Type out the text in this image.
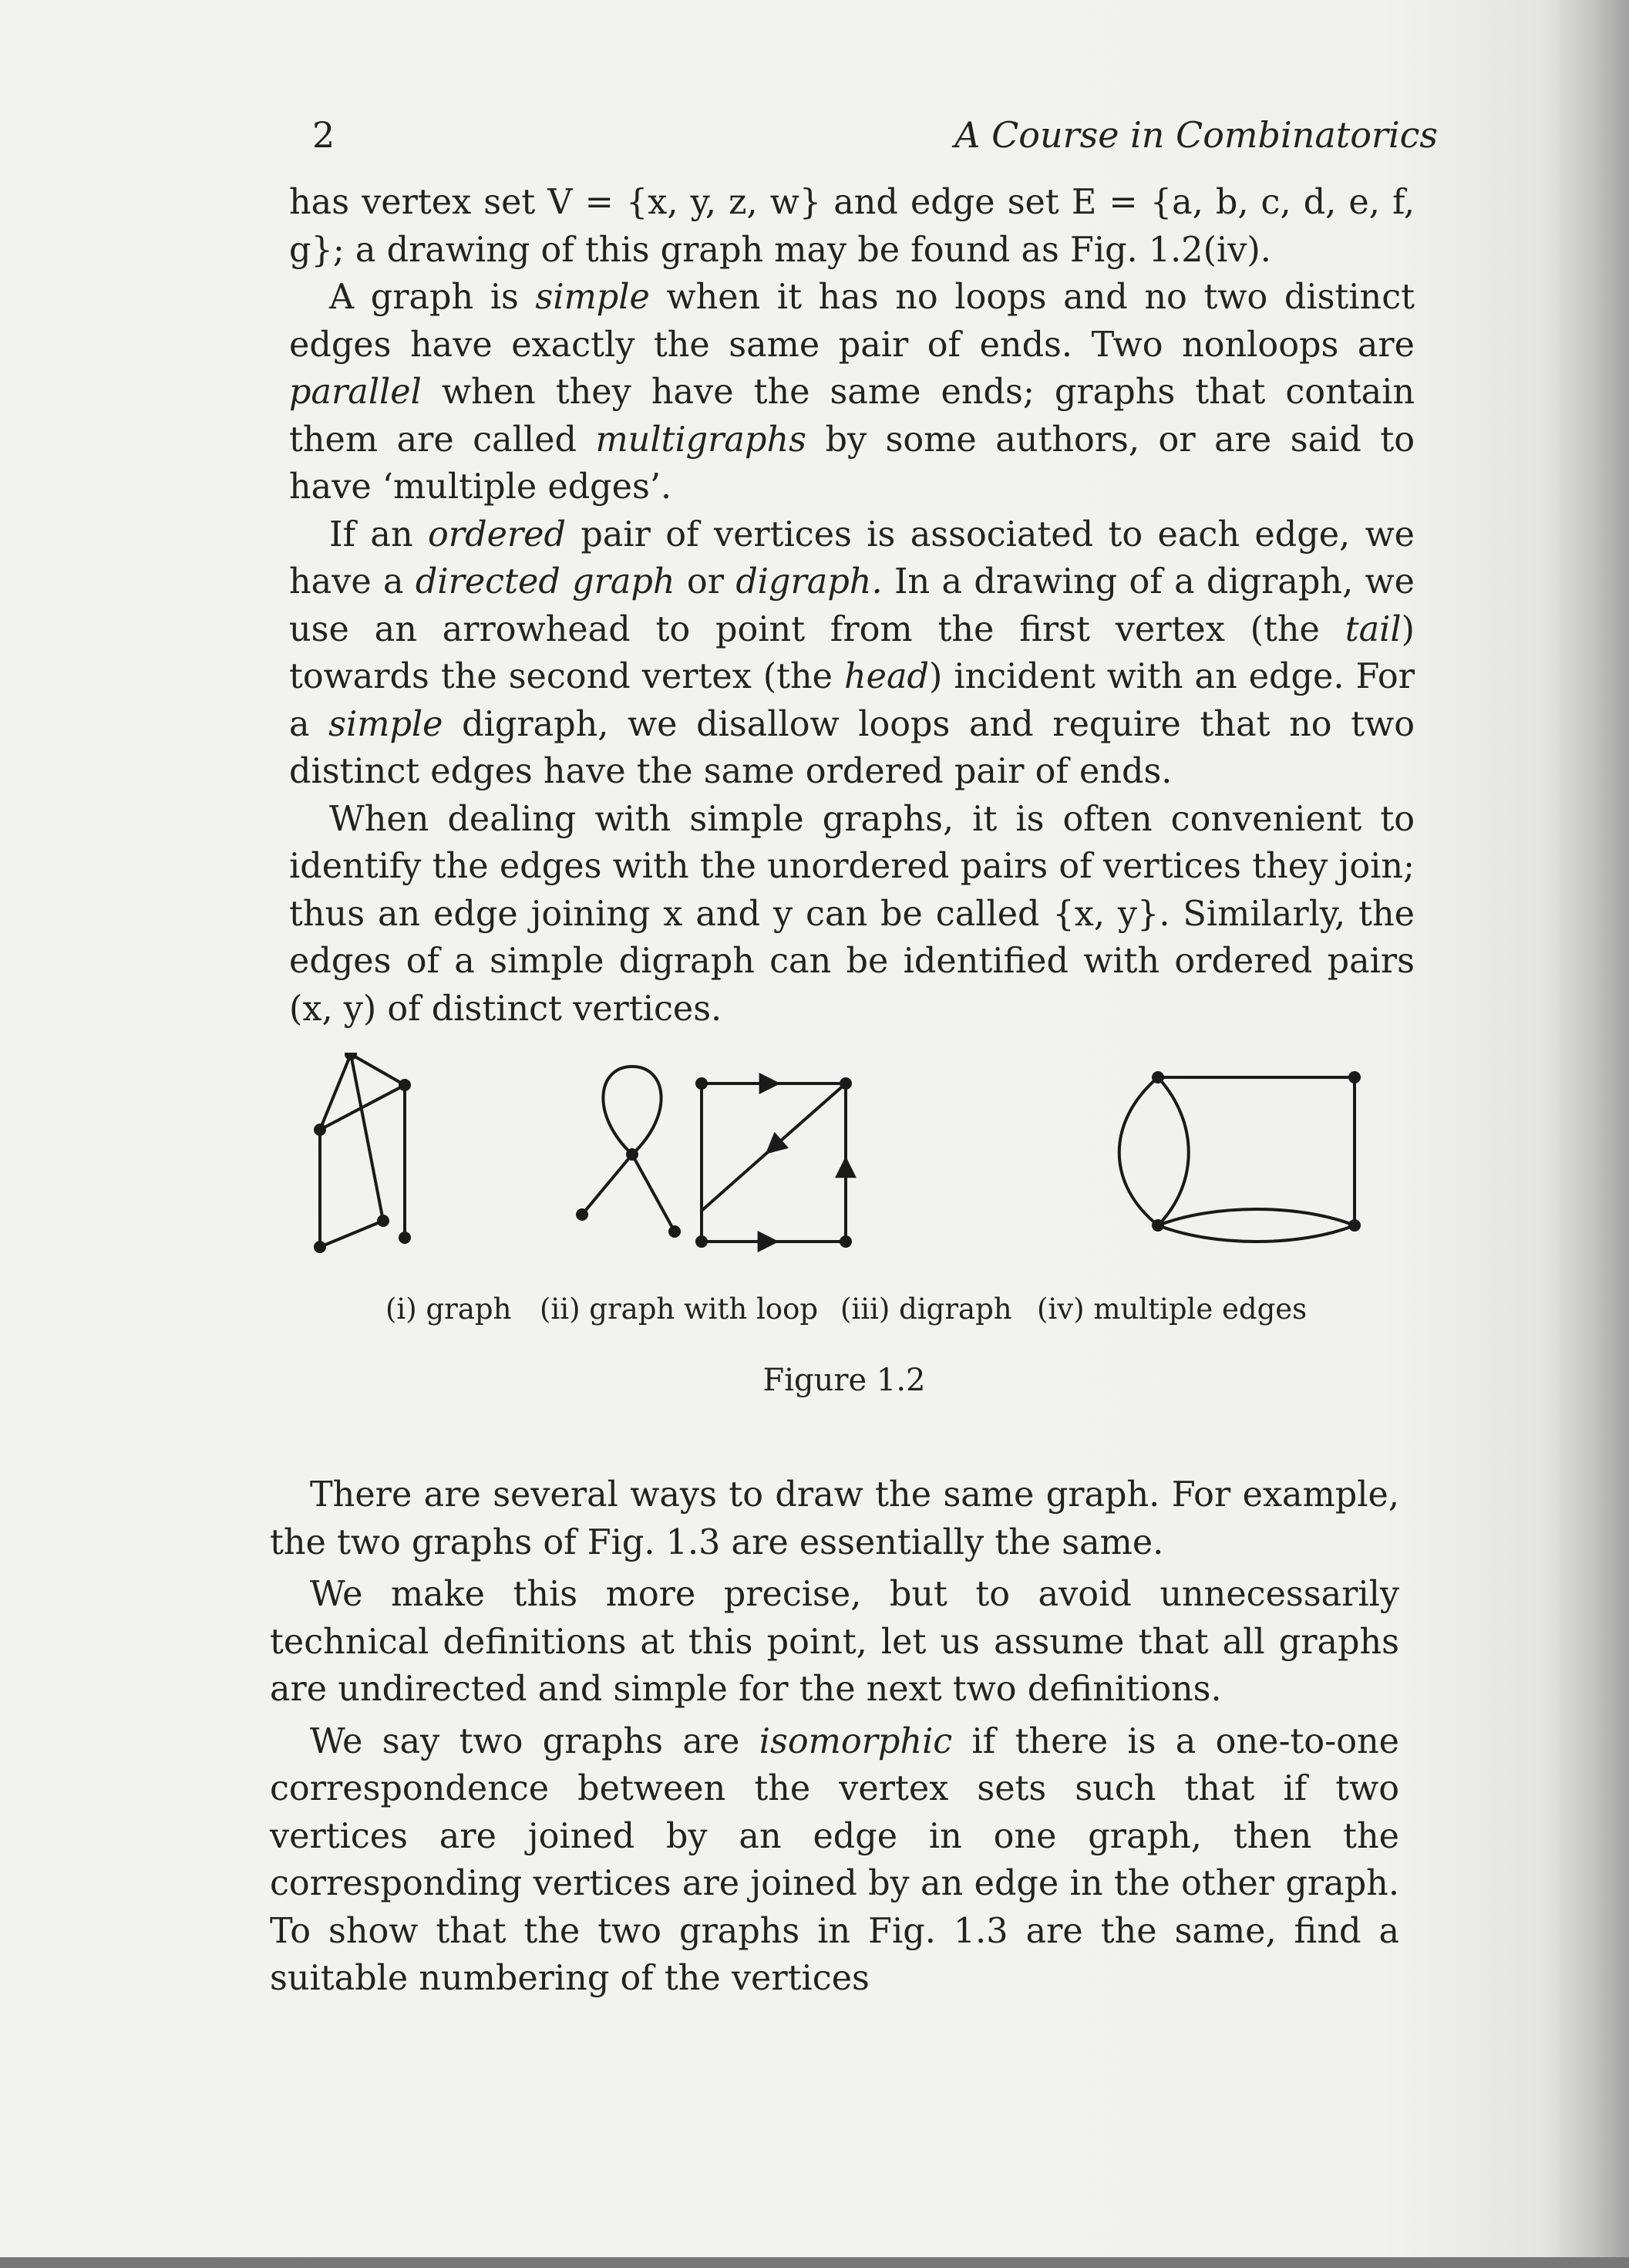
2	A Course in Combinatorics

has vertex set V = {x, y, z, w} and edge set E = {a, b, c, d, e, f, g}; a drawing of this graph may be found as Fig. 1.2(iv).

A graph is simple when it has no loops and no two distinct edges have exactly the same pair of ends. Two nonloops are parallel when they have the same ends; graphs that contain them are called multigraphs by some authors, or are said to have ‘multiple edges’.

If an ordered pair of vertices is associated to each edge, we have a directed graph or digraph. In a drawing of a digraph, we use an arrowhead to point from the first vertex (the tail) towards the second vertex (the head) incident with an edge. For a simple digraph, we disallow loops and require that no two distinct edges have the same ordered pair of ends.

When dealing with simple graphs, it is often convenient to identify the edges with the unordered pairs of vertices they join; thus an edge joining x and y can be called {x, y}. Similarly, the edges of a simple digraph can be identified with ordered pairs (x, y) of distinct vertices.

(i) graph (ii) graph with loop (iii) digraph (iv) multiple edges
Figure 1.2

There are several ways to draw the same graph. For example, the two graphs of Fig. 1.3 are essentially the same.

We make this more precise, but to avoid unnecessarily technical definitions at this point, let us assume that all graphs are undirected and simple for the next two definitions.

We say two graphs are isomorphic if there is a one-to-one correspondence between the vertex sets such that if two vertices are joined by an edge in one graph, then the corresponding vertices are joined by an edge in the other graph. To show that the two graphs in Fig. 1.3 are the same, find a suitable numbering of the vertices
